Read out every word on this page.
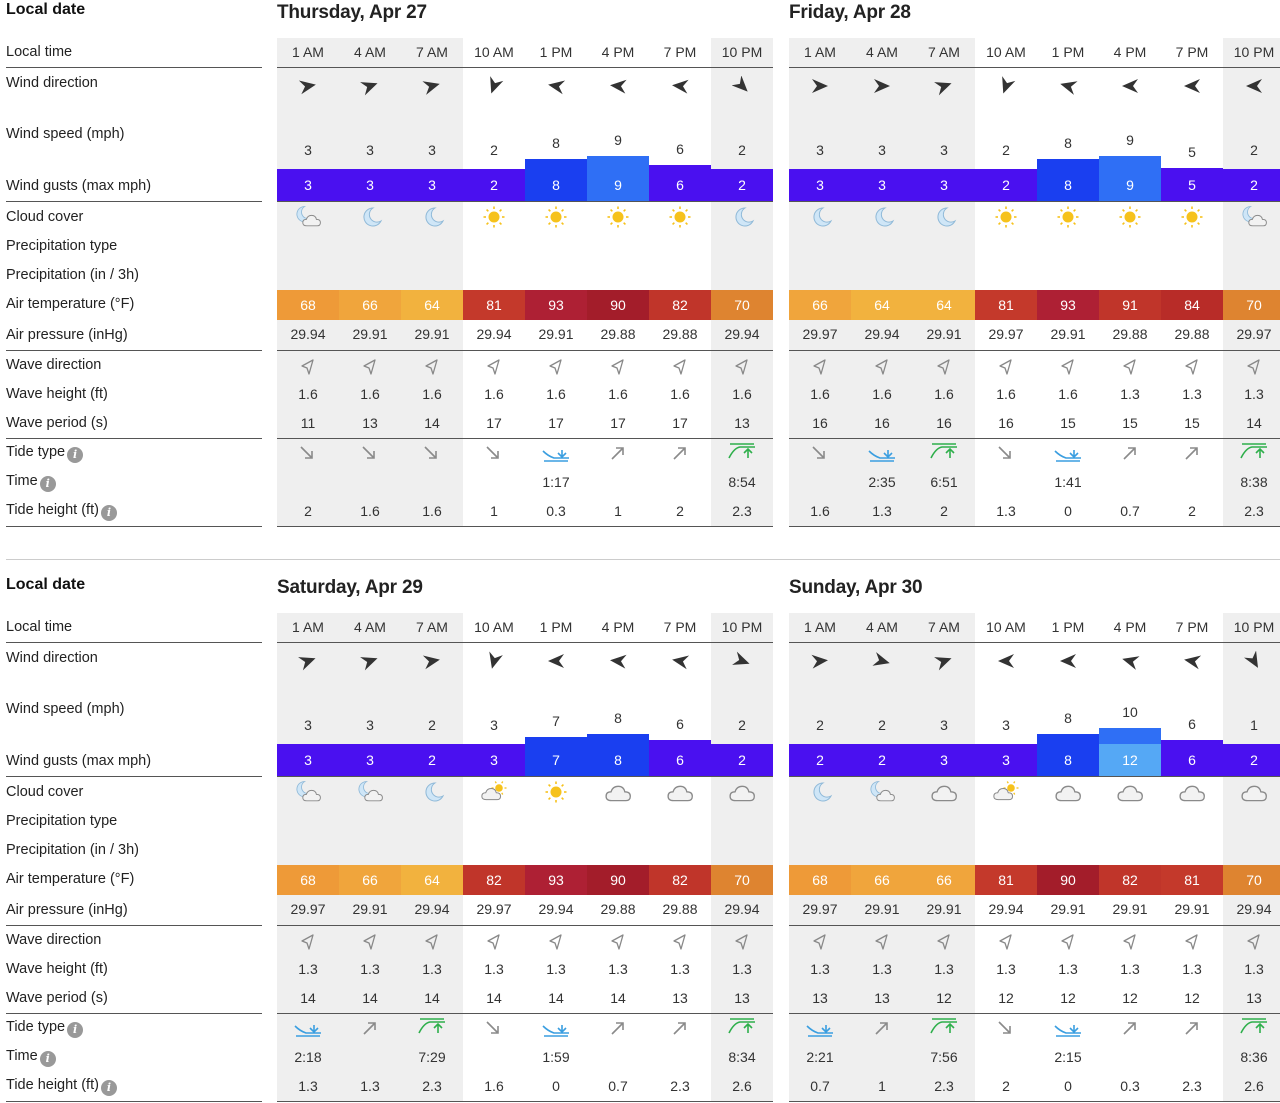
Local date
Local time
Wind direction
Wind speed (mph)
Wind gusts (max mph)
Cloud cover
Precipitation type
Precipitation (in / 3h)
Air temperature (°F)
Air pressure (inHg)
Wave direction
Wave height (ft)
Wave period (s)
Tide type i
Time i
Tide height (ft) i
Thursday, Apr 27
1 AM
3
3
68
29.94
1.6
11
2
4 AM
3
3
66
29.91
1.6
13
1.6
7 AM
3
3
64
29.91
1.6
14
1.6
10 AM
2
2
81
29.94
1.6
17
1
1 PM
8
8
93
29.91
1.6
17
1:17
0.3
4 PM
9
9
90
29.88
1.6
17
1
7 PM
6
6
82
29.88
1.6
17
2
10 PM
2
2
70
29.94
1.6
13
8:54
2.3
Friday, Apr 28
1 AM
3
3
66
29.97
1.6
16
1.6
4 AM
3
3
64
29.94
1.6
16
2:35
1.3
7 AM
3
3
64
29.91
1.6
16
6:51
2
10 AM
2
2
81
29.97
1.6
16
1.3
1 PM
8
8
93
29.91
1.6
15
1:41
0
4 PM
9
9
91
29.88
1.3
15
0.7
7 PM
5
5
84
29.88
1.3
15
2
10 PM
2
2
70
29.97
1.3
14
8:38
2.3
Local date
Local time
Wind direction
Wind speed (mph)
Wind gusts (max mph)
Cloud cover
Precipitation type
Precipitation (in / 3h)
Air temperature (°F)
Air pressure (inHg)
Wave direction
Wave height (ft)
Wave period (s)
Tide type i
Time i
Tide height (ft) i
Saturday, Apr 29
1 AM
3
3
68
29.97
1.3
14
2:18
1.3
4 AM
3
3
66
29.91
1.3
14
1.3
7 AM
2
2
64
29.94
1.3
14
7:29
2.3
10 AM
3
3
82
29.97
1.3
14
1.6
1 PM
7
7
93
29.94
1.3
14
1:59
0
4 PM
8
8
90
29.88
1.3
14
0.7
7 PM
6
6
82
29.88
1.3
13
2.3
10 PM
2
2
70
29.94
1.3
13
8:34
2.6
Sunday, Apr 30
1 AM
2
2
68
29.97
1.3
13
2:21
0.7
4 AM
2
2
66
29.91
1.3
13
1
7 AM
3
3
66
29.91
1.3
12
7:56
2.3
10 AM
3
3
81
29.94
1.3
12
2
1 PM
8
8
90
29.91
1.3
12
2:15
0
4 PM
10
12
82
29.91
1.3
12
0.3
7 PM
6
6
81
29.91
1.3
12
2.3
10 PM
1
2
70
29.94
1.3
13
8:36
2.6
